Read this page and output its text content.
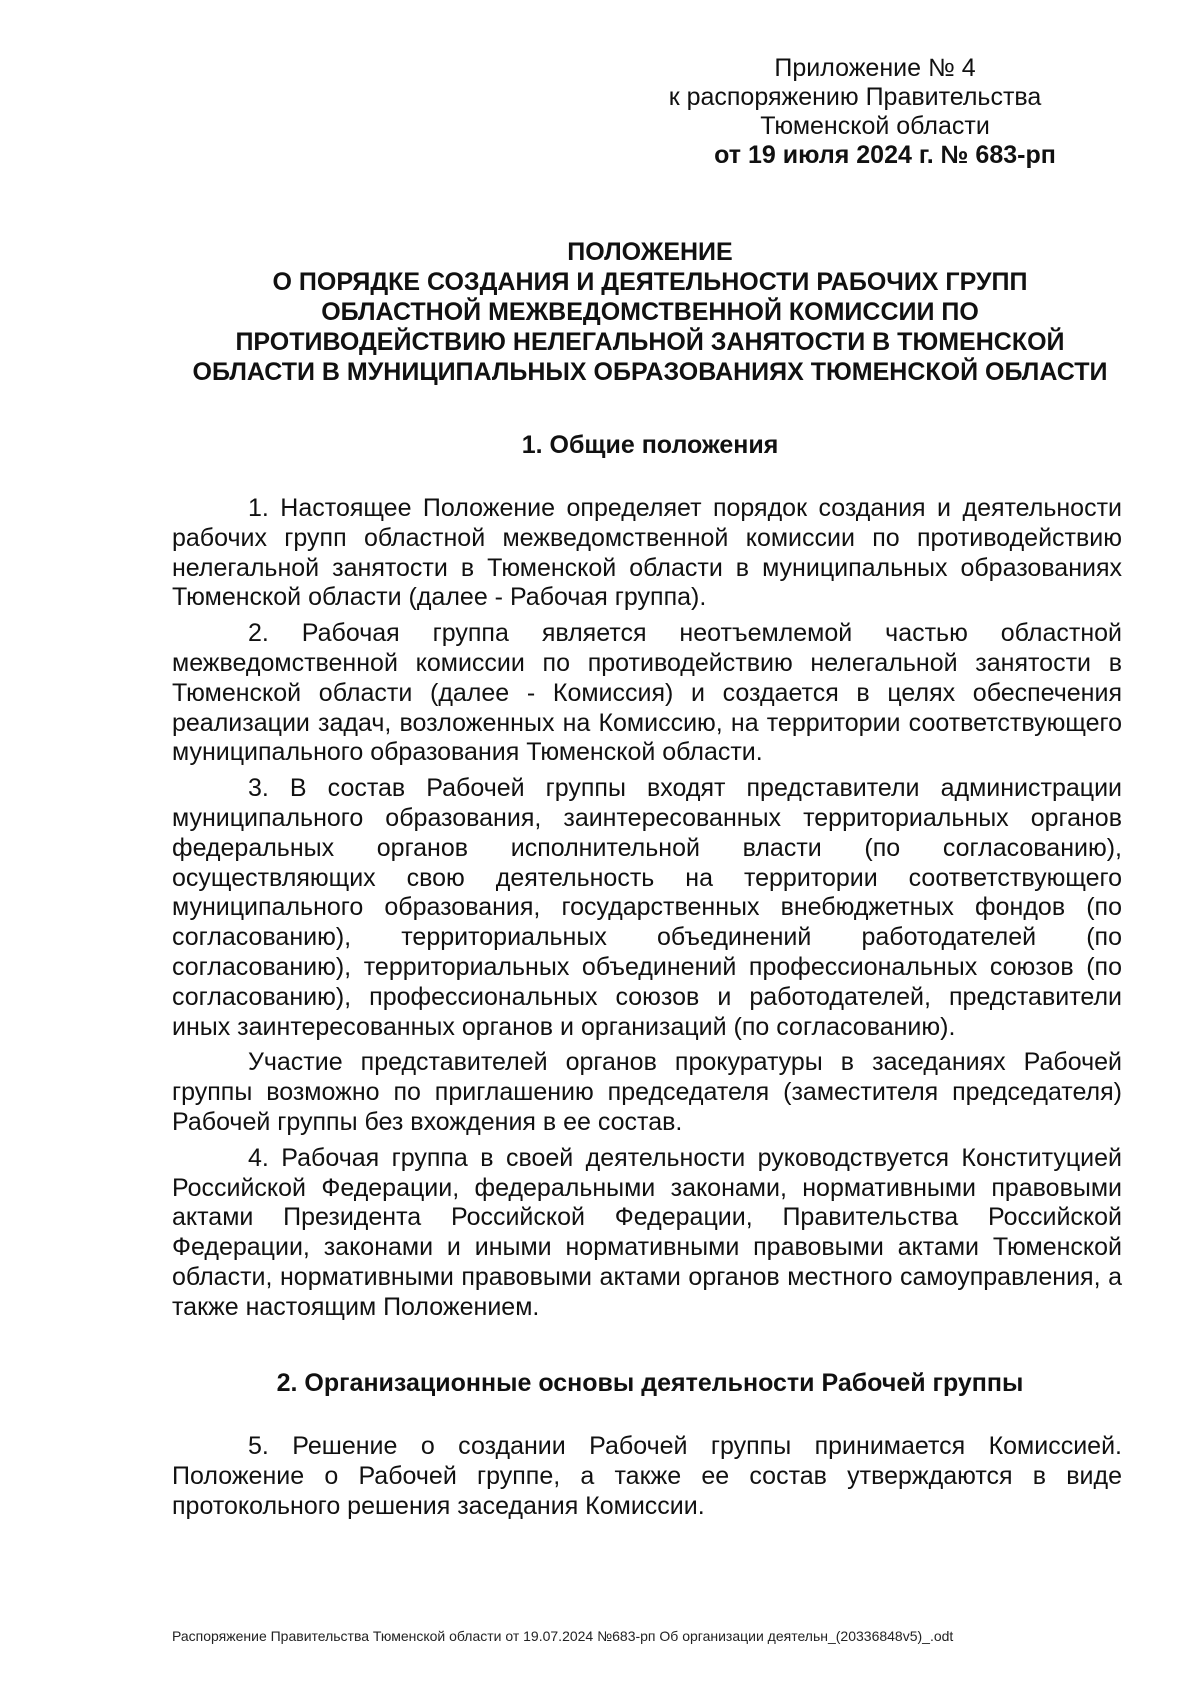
Приложение № 4
к распоряжению Правительства
Тюменской области
от 19 июля 2024 г. № 683-рп
ПОЛОЖЕНИЕ
О ПОРЯДКЕ СОЗДАНИЯ И ДЕЯТЕЛЬНОСТИ РАБОЧИХ ГРУПП
ОБЛАСТНОЙ МЕЖВЕДОМСТВЕННОЙ КОМИССИИ ПО
ПРОТИВОДЕЙСТВИЮ НЕЛЕГАЛЬНОЙ ЗАНЯТОСТИ В ТЮМЕНСКОЙ
ОБЛАСТИ В МУНИЦИПАЛЬНЫХ ОБРАЗОВАНИЯХ ТЮМЕНСКОЙ ОБЛАСТИ
1. Общие положения

1. Настоящее Положение определяет порядок создания и деятельности рабочих групп областной межведомственной комиссии по противодействию нелегальной занятости в Тюменской области в муниципальных образованиях Тюменской области (далее - Рабочая группа).

2. Рабочая группа является неотъемлемой частью областной межведомственной комиссии по противодействию нелегальной занятости в Тюменской области (далее - Комиссия) и создается в целях обеспечения реализации задач, возложенных на Комиссию, на территории соответствующего муниципального образования Тюменской области.

3. В состав Рабочей группы входят представители администрации муниципального образования, заинтересованных территориальных органов федеральных органов исполнительной власти (по согласованию), осуществляющих свою деятельность на территории соответствующего муниципального образования, государственных внебюджетных фондов (по согласованию), территориальных объединений работодателей (по согласованию), территориальных объединений профессиональных союзов (по согласованию), профессиональных союзов и работодателей, представители иных заинтересованных органов и организаций (по согласованию).

Участие представителей органов прокуратуры в заседаниях Рабочей группы возможно по приглашению председателя (заместителя председателя) Рабочей группы без вхождения в ее состав.

4. Рабочая группа в своей деятельности руководствуется Конституцией Российской Федерации, федеральными законами, нормативными правовыми актами Президента Российской Федерации, Правительства Российской Федерации, законами и иными нормативными правовыми актами Тюменской области, нормативными правовыми актами органов местного самоуправления, а также настоящим Положением.

2. Организационные основы деятельности Рабочей группы

5. Решение о создании Рабочей группы принимается Комиссией. Положение о Рабочей группе, а также ее состав утверждаются в виде протокольного решения заседания Комиссии.

Распоряжение Правительства Тюменской области от 19.07.2024 №683-рп Об организации деятельн_(20336848v5)_.odt
